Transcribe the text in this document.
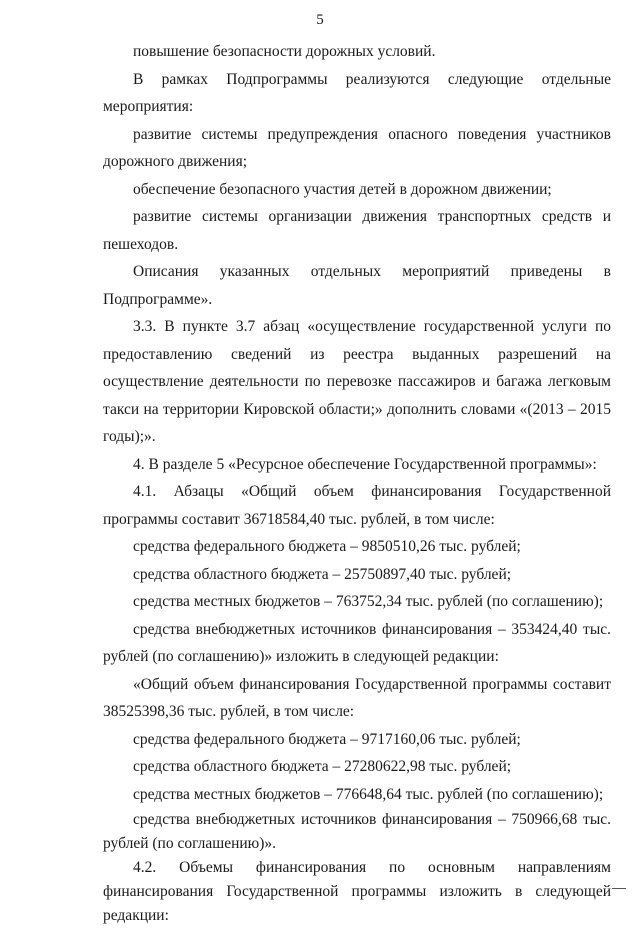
5

повышение безопасности дорожных условий.

В рамках Подпрограммы реализуются следующие отдельные мероприятия:

развитие системы предупреждения опасного поведения участников дорожного движения;

обеспечение безопасного участия детей в дорожном движении;

развитие системы организации движения транспортных средств и пешеходов.

Описания указанных отдельных мероприятий приведены в Подпрограмме».

3.3. В пункте 3.7 абзац «осуществление государственной услуги по предоставлению сведений из реестра выданных разрешений на осуществление деятельности по перевозке пассажиров и багажа легковым такси на территории Кировской области;» дополнить словами «(2013 – 2015 годы);».

4. В разделе 5 «Ресурсное обеспечение Государственной программы»:

4.1. Абзацы «Общий объем финансирования Государственной программы составит 36718584,40 тыс. рублей, в том числе:

средства федерального бюджета – 9850510,26 тыс. рублей;

средства областного бюджета – 25750897,40 тыс. рублей;

средства местных бюджетов – 763752,34 тыс. рублей (по соглашению);

средства внебюджетных источников финансирования – 353424,40 тыс. рублей (по соглашению)» изложить в следующей редакции:

«Общий объем финансирования Государственной программы составит 38525398,36 тыс. рублей, в том числе:

средства федерального бюджета – 9717160,06 тыс. рублей;

средства областного бюджета – 27280622,98 тыс. рублей;

средства местных бюджетов – 776648,64 тыс. рублей (по соглашению);

средства внебюджетных источников финансирования – 750966,68 тыс. рублей (по соглашению)».

4.2. Объемы финансирования по основным направлениям финансирования Государственной программы изложить в следующей редакции:
